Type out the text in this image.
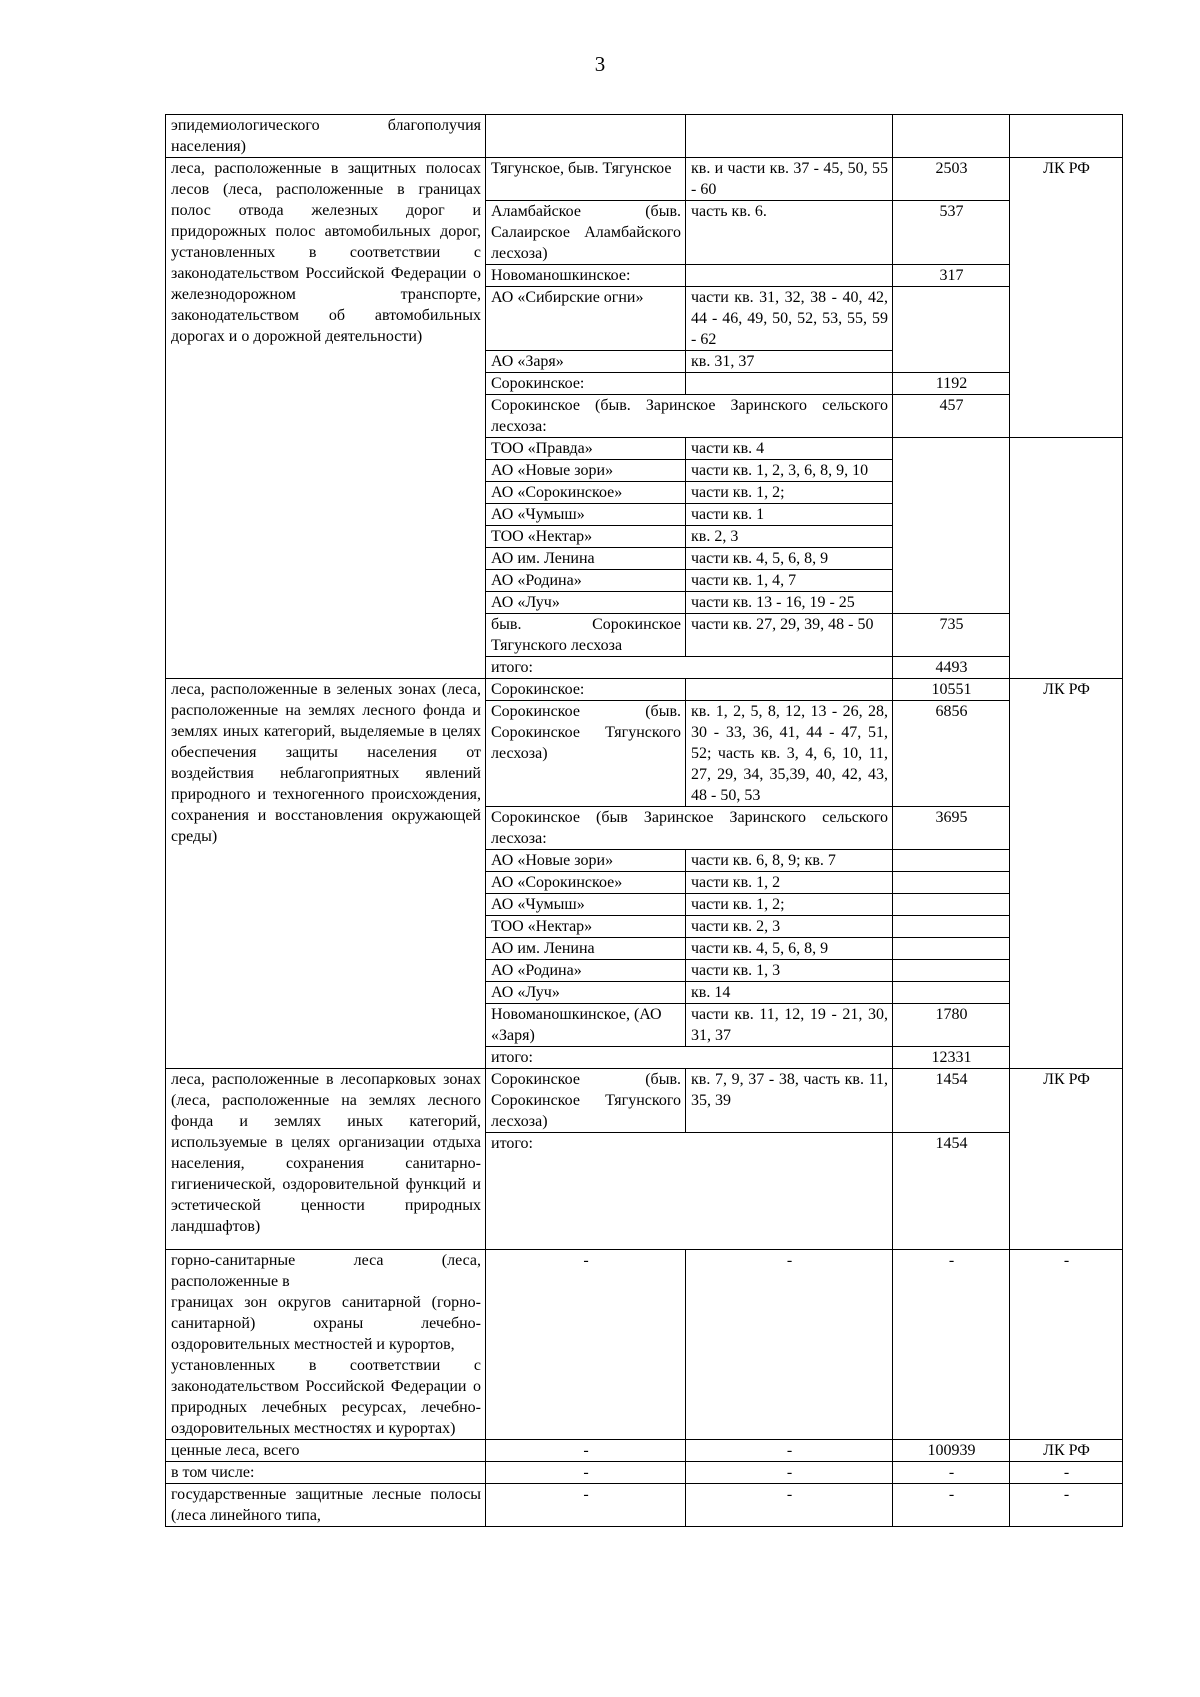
3
эпидемиологического благополучия населения)				
леса, расположенные в защитных полосах лесов (леса, расположенные в границах полос отвода железных дорог и придорожных полос автомобильных дорог, установленных в соответствии с законодательством Российской Федерации о железнодорожном транспорте, законодательством об автомобильных дорогах и о дорожной деятельности)	Тягунское, быв. Тягунское	кв. и части кв. 37 - 45, 50, 55 - 60	2503	ЛК РФ
	Аламбайское (быв. Салаирское Аламбайского лесхоза)	часть кв. 6.	537	
	Новоманошкинское:		317	
	АО «Сибирские огни»	части кв. 31, 32, 38 - 40, 42, 44 - 46, 49, 50, 52, 53, 55, 59 - 62		
	АО «Заря»	кв. 31, 37		
	Сорокинское:		1192	
	Сорокинское (быв. Заринское Заринского сельского лесхоза:		457	
	ТОО «Правда»	части кв. 4		
	АО «Новые зори»	части кв. 1, 2, 3, 6, 8, 9, 10		
	АО «Сорокинское»	части кв. 1, 2;		
	АО «Чумыш»	части кв. 1		
	ТОО «Нектар»	кв. 2, 3		
	АО им. Ленина	части кв. 4, 5, 6, 8, 9		
	АО «Родина»	части кв. 1, 4, 7		
	АО «Луч»	части кв. 13 - 16, 19 - 25		
	быв. Сорокинское Тягунского лесхоза	части кв. 27, 29, 39, 48 - 50	735	
	итого:		4493	
леса, расположенные в зеленых зонах (леса, расположенные на землях лесного фонда и землях иных категорий, выделяемые в целях обеспечения защиты населения от воздействия неблагоприятных явлений природного и техногенного происхождения, сохранения и восстановления окружающей среды)	Сорокинское:		10551	ЛК РФ
	Сорокинское (быв. Сорокинское Тягунского лесхоза)	кв. 1, 2, 5, 8, 12, 13 - 26, 28, 30 - 33, 36, 41, 44 - 47, 51, 52; часть кв. 3, 4, 6, 10, 11, 27, 29, 34, 35,39, 40, 42, 43, 48 - 50, 53	6856	
	Сорокинское (быв Заринское Заринского сельского лесхоза:		3695	
	АО «Новые зори»	части кв. 6, 8, 9; кв. 7		
	АО «Сорокинское»	части кв. 1, 2		
	АО «Чумыш»	части кв. 1, 2;		
	ТОО «Нектар»	части кв. 2, 3		
	АО им. Ленина	части кв. 4, 5, 6, 8, 9		
	АО «Родина»	части кв. 1, 3		
	АО «Луч»	кв. 14		
	Новоманошкинское, (АО «Заря)	части кв. 11, 12, 19 - 21, 30, 31, 37	1780	
	итого:		12331	
леса, расположенные в лесопарковых зонах (леса, расположенные на землях лесного фонда и землях иных категорий, используемые в целях организации отдыха населения, сохранения санитарно-гигиенической, оздоровительной функций и эстетической ценности природных ландшафтов)	Сорокинское (быв. Сорокинское Тягунского лесхоза)	кв. 7, 9, 37 - 38, часть кв. 11, 35, 39	1454	ЛК РФ
	итого:		1454	

горно-санитарные леса (леса,
расположенные в
границах зон округов санитарной (горно-санитарной) охраны лечебно-оздоровительных местностей и курортов,
установленных в соответствии с законодательством Российской Федерации о природных лечебных ресурсах, лечебно-оздоровительных местностях и курортах)	-	-	-	-
ценные леса, всего	-	-	100939	ЛК РФ
в том числе:	-	-	-	-
государственные защитные лесные полосы (леса линейного типа,	-	-	-	-
